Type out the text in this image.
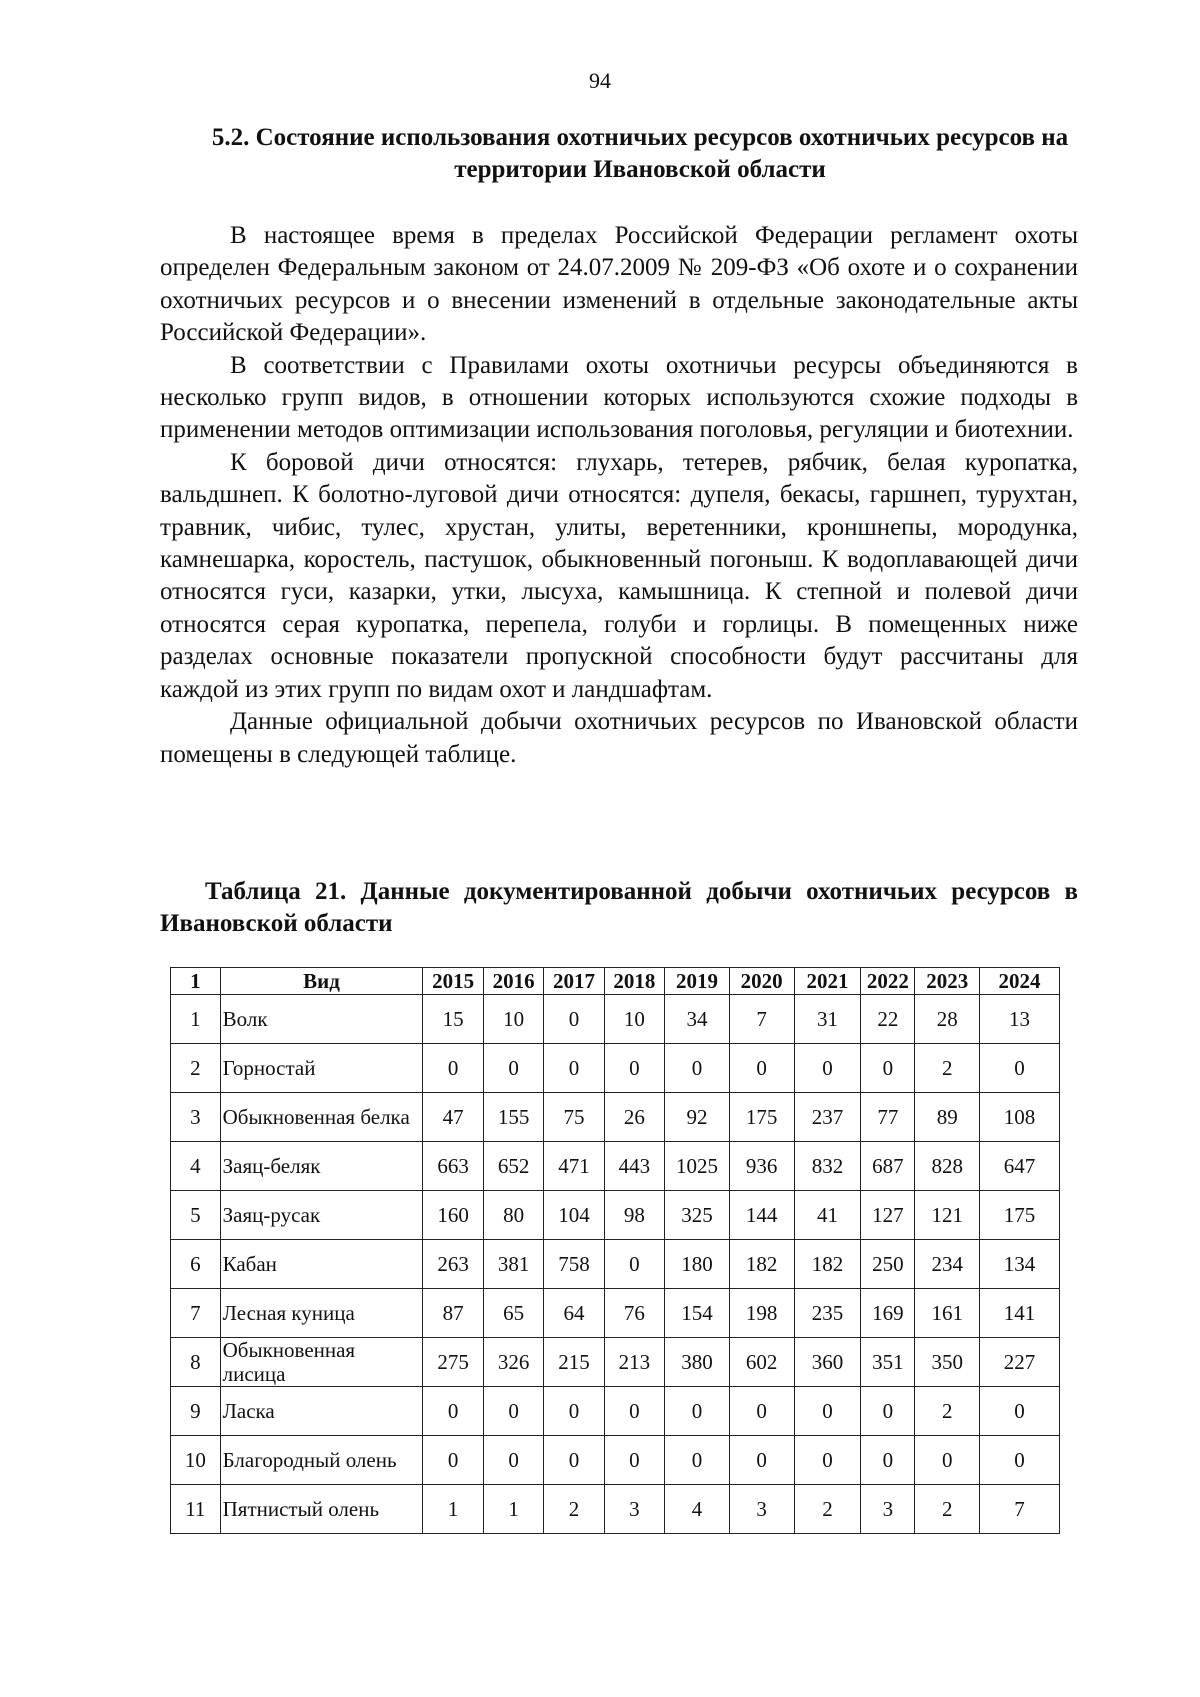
94
5.2. Состояние использования охотничьих ресурсов охотничьих ресурсов на территории Ивановской области

В настоящее время в пределах Российской Федерации регламент охоты определен Федеральным законом от 24.07.2009 № 209-ФЗ «Об охоте и о сохранении охотничьих ресурсов и о внесении изменений в отдельные законодательные акты Российской Федерации».

В соответствии с Правилами охоты охотничьи ресурсы объединяются в несколько групп видов, в отношении которых используются схожие подходы в применении методов оптимизации использования поголовья, регуляции и биотехнии.

К боровой дичи относятся: глухарь, тетерев, рябчик, белая куропатка, вальдшнеп. К болотно-луговой дичи относятся: дупеля, бекасы, гаршнеп, турухтан, травник, чибис, тулес, хрустан, улиты, веретенники, кроншнепы, мородунка, камнешарка, коростель, пастушок, обыкновенный погоныш. К водоплавающей дичи относятся гуси, казарки, утки, лысуха, камышница. К степной и полевой дичи относятся серая куропатка, перепела, голуби и горлицы. В помещенных ниже разделах основные показатели пропускной способности будут рассчитаны для каждой из этих групп по видам охот и ландшафтам.

Данные официальной добычи охотничьих ресурсов по Ивановской области помещены в следующей таблице.

Таблица 21. Данные документированной добычи охотничьих ресурсов в Ивановской области
1	Вид	2015	2016	2017	2018	2019	2020	2021	2022	2023	2024
1	Волк	15	10	0	10	34	7	31	22	28	13
2	Горностай	0	0	0	0	0	0	0	0	2	0
3	Обыкновенная белка	47	155	75	26	92	175	237	77	89	108
4	Заяц-беляк	663	652	471	443	1025	936	832	687	828	647
5	Заяц-русак	160	80	104	98	325	144	41	127	121	175
6	Кабан	263	381	758	0	180	182	182	250	234	134
7	Лесная куница	87	65	64	76	154	198	235	169	161	141
8	Обыкновенная лисица	275	326	215	213	380	602	360	351	350	227
9	Ласка	0	0	0	0	0	0	0	0	2	0
10	Благородный олень	0	0	0	0	0	0	0	0	0	0
11	Пятнистый олень	1	1	2	3	4	3	2	3	2	7
